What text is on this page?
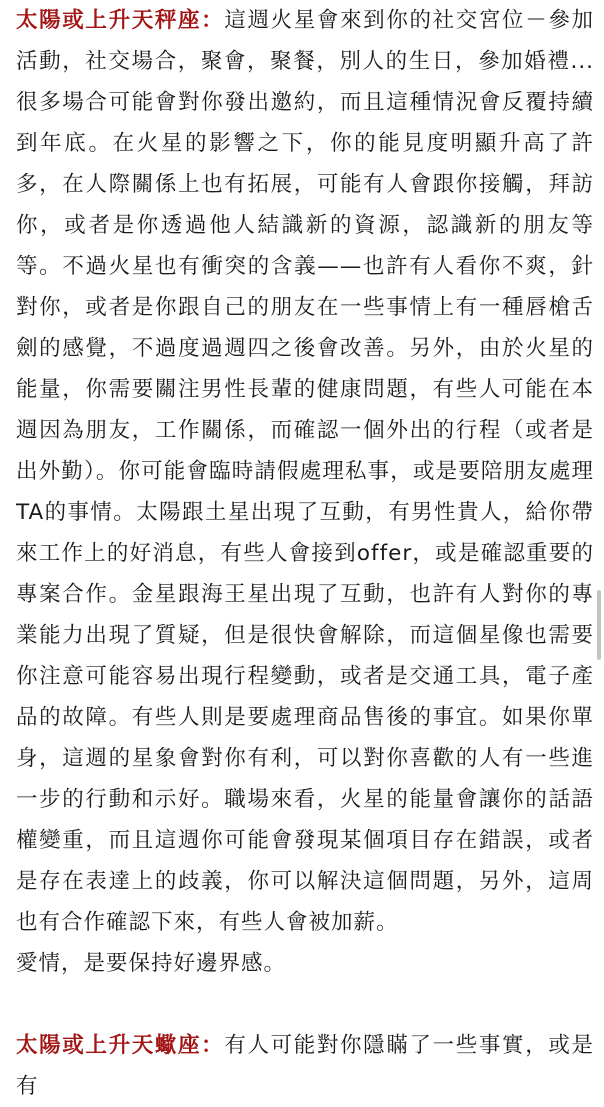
太陽或上升天秤座：這週火星會來到你的社交宮位－參加活動，社交場合，聚會，聚餐，別人的生日，參加婚禮...很多場合可能會對你發出邀約，而且這種情況會反覆持續到年底。在火星的影響之下，你的能見度明顯升高了許多，在人際關係上也有拓展，可能有人會跟你接觸，拜訪你，或者是你透過他人結識新的資源，認識新的朋友等等。不過火星也有衝突的含義——也許有人看你不爽，針對你，或者是你跟自己的朋友在一些事情上有一種唇槍舌劍的感覺，不過度過週四之後會改善。另外，由於火星的能量，你需要關注男性長輩的健康問題，有些人可能在本週因為朋友，工作關係，而確認一個外出的行程（或者是出外勤）。你可能會臨時請假處理私事，或是要陪朋友處理TA的事情。太陽跟土星出現了互動，有男性貴人，給你帶來工作上的好消息，有些人會接到offer，或是確認重要的專案合作。金星跟海王星出現了互動，也許有人對你的專業能力出現了質疑，但是很快會解除，而這個星像也需要你注意可能容易出現行程變動，或者是交通工具，電子產品的故障。有些人則是要處理商品售後的事宜。如果你單身，這週的星象會對你有利，可以對你喜歡的人有一些進一步的行動和示好。職場來看，火星的能量會讓你的話語權變重，而且這週你可能會發現某個項目存在錯誤，或者是存在表達上的歧義，你可以解決這個問題，另外，這周也有合作確認下來，有些人會被加薪。

愛情，是要保持好邊界感。

太陽或上升天蠍座：有人可能對你隱瞞了一些事實，或是有
